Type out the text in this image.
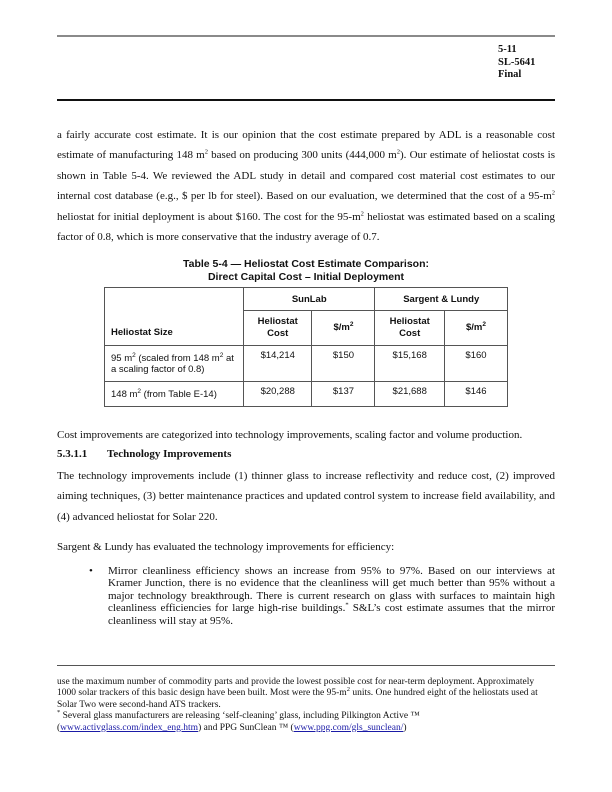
5-11
SL-5641
Final
a fairly accurate cost estimate. It is our opinion that the cost estimate prepared by ADL is a reasonable cost estimate of manufacturing 148 $m^2$ based on producing 300 units (444,000 $m^2$). Our estimate of heliostat costs is shown in Table 5-4. We reviewed the ADL study in detail and compared cost material cost estimates to our internal cost database (e.g., $ per lb for steel). Based on our evaluation, we determined that the cost of a $95-m^2$ heliostat for initial deployment is about $160. The cost for the $95-m^2$ heliostat was estimated based on a scaling factor of 0.8, which is more conservative that the industry average of 0.7.
Table 5-4 — Heliostat Cost Estimate Comparison:
Direct Capital Cost – Initial Deployment
Heliostat Size	SunLab		Sargent & Lundy	
	Heliostat Cost	$\$/m^2$	Heliostat Cost	$\$/m^2$
95 $m^2$ (scaled from 148 $m^2$ at a scaling factor of 0.8)	$14,214	$150	$15,168	$160
148 $m^2$ (from Table E-14)	$20,288	$137	$21,688	$146
Cost improvements are categorized into technology improvements, scaling factor and volume production.
5.3.1.1 Technology Improvements
The technology improvements include (1) thinner glass to increase reflectivity and reduce cost, (2) improved aiming techniques, (3) better maintenance practices and updated control system to increase field availability, and (4) advanced heliostat for Solar 220.
Sargent & Lundy has evaluated the technology improvements for efficiency:
• Mirror cleanliness efficiency shows an increase from 95% to 97%. Based on our interviews at Kramer Junction, there is no evidence that the cleanliness will get much better than 95% without a major technology breakthrough. There is current research on glass with surfaces to maintain high cleanliness efficiencies for large high-rise buildings.* S&L’s cost estimate assumes that the mirror cleanliness will stay at 95%.
use the maximum number of commodity parts and provide the lowest possible cost for near-term deployment. Approximately 1000 solar trackers of this basic design have been built. Most were the $95-m^2$ units. One hundred eight of the heliostats used at Solar Two were second-hand ATS trackers.
* Several glass manufacturers are releasing ‘self-cleaning’ glass, including Pilkington Active ™
(www.activglass.com/index_eng.htm) and PPG SunClean ™ (www.ppg.com/gls_sunclean/)
